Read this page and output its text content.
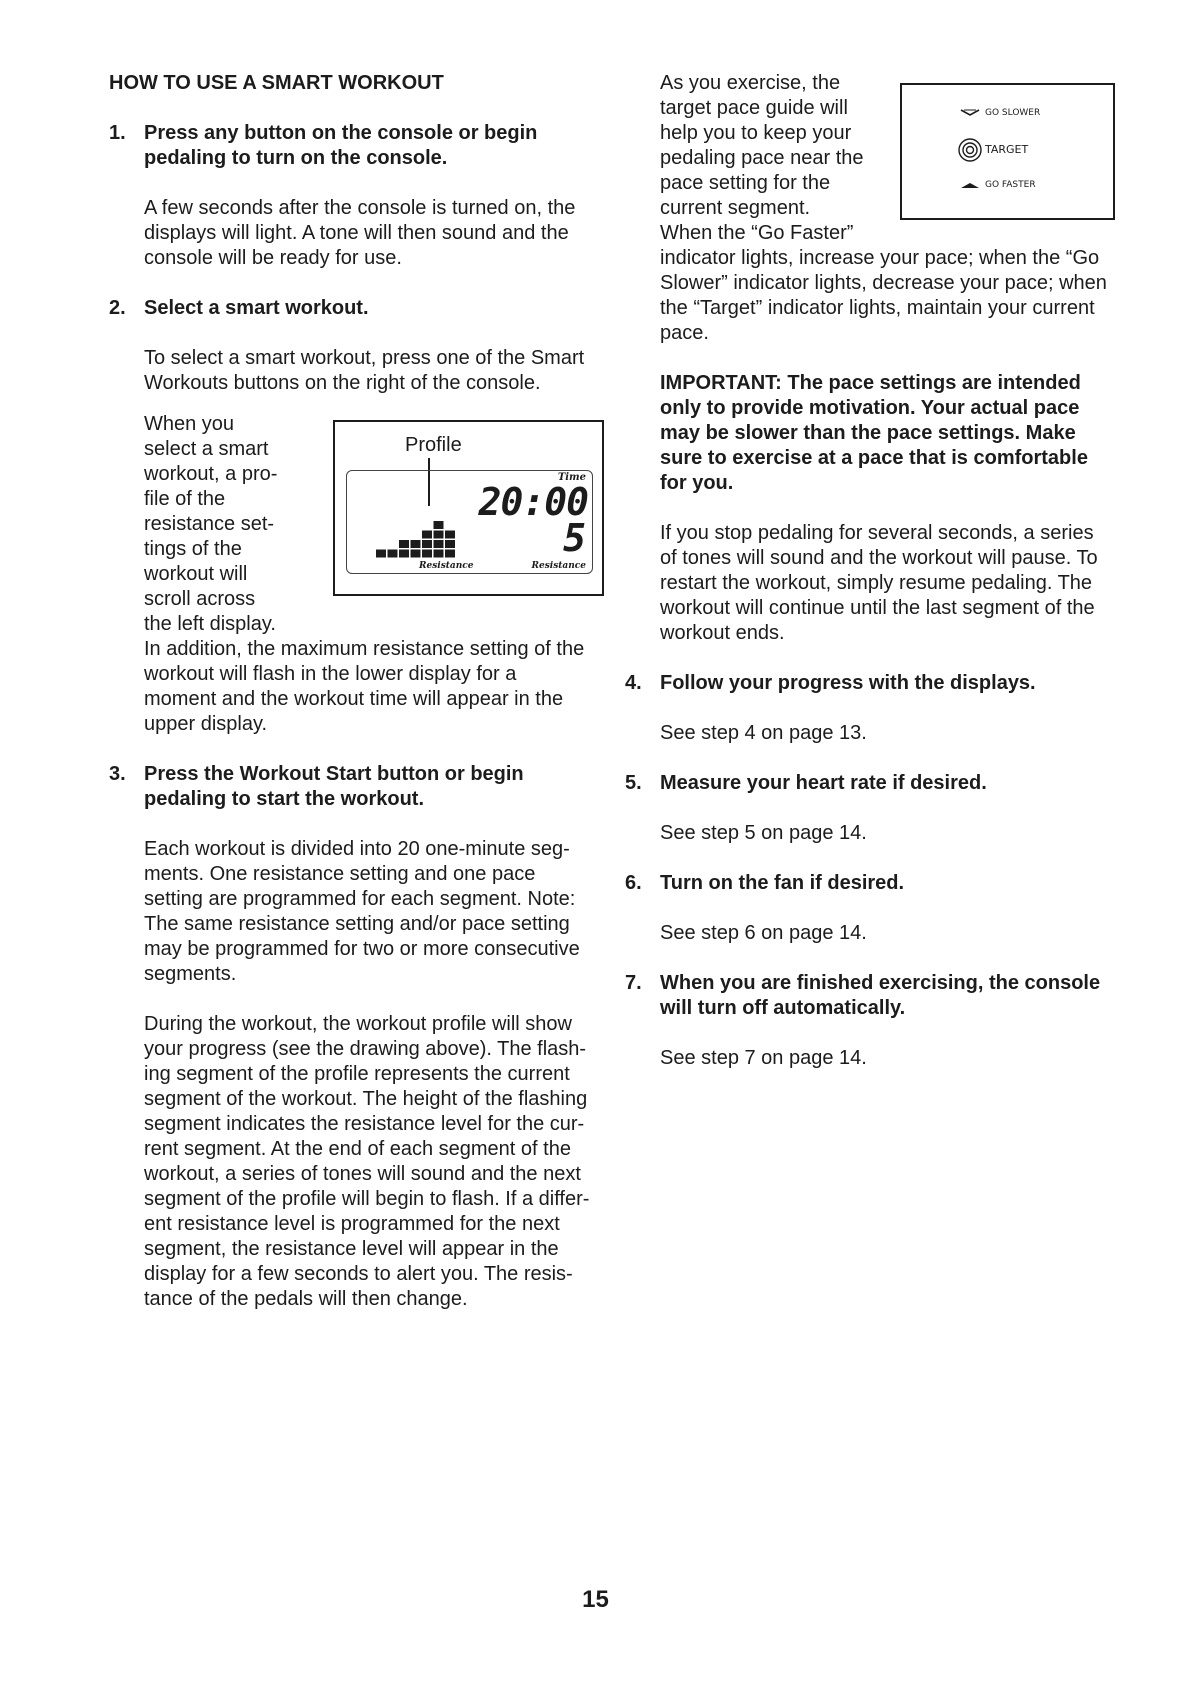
HOW TO USE A SMART WORKOUT

1. Press any button on the console or begin

pedaling to turn on the console.

A few seconds after the console is turned on, the

displays will light. A tone will then sound and the

console will be ready for use.

2. Select a smart workout.

To select a smart workout, press one of the Smart

Workouts buttons on the right of the console.

Profile
Time
20:00
5
Resistance	Resistance

When you

select a smart

workout, a pro-

file of the

resistance set-

tings of the

workout will

scroll across

the left display.

In addition, the maximum resistance setting of the

workout will flash in the lower display for a

moment and the workout time will appear in the

upper display.

3. Press the Workout Start button or begin

pedaling to start the workout.

Each workout is divided into 20 one-minute seg-

ments. One resistance setting and one pace

setting are programmed for each segment. Note:

The same resistance setting and/or pace setting

may be programmed for two or more consecutive

segments.

During the workout, the workout profile will show

your progress (see the drawing above). The flash-

ing segment of the profile represents the current

segment of the workout. The height of the flashing

segment indicates the resistance level for the cur-

rent segment. At the end of each segment of the

workout, a series of tones will sound and the next

segment of the profile will begin to flash. If a differ-

ent resistance level is programmed for the next

segment, the resistance level will appear in the

display for a few seconds to alert you. The resis-

tance of the pedals will then change.

GO SLOWER
TARGET
GO FASTER

As you exercise, the

target pace guide will

help you to keep your

pedaling pace near the

pace setting for the

current segment.

When the “Go Faster”

indicator lights, increase your pace; when the “Go

Slower” indicator lights, decrease your pace; when

the “Target” indicator lights, maintain your current

pace.

IMPORTANT: The pace settings are intended

only to provide motivation. Your actual pace

may be slower than the pace settings. Make

sure to exercise at a pace that is comfortable

for you.

If you stop pedaling for several seconds, a series

of tones will sound and the workout will pause. To

restart the workout, simply resume pedaling. The

workout will continue until the last segment of the

workout ends.

4. Follow your progress with the displays.

See step 4 on page 13.

5. Measure your heart rate if desired.

See step 5 on page 14.

6. Turn on the fan if desired.

See step 6 on page 14.

7. When you are finished exercising, the console

will turn off automatically.

See step 7 on page 14.

15
